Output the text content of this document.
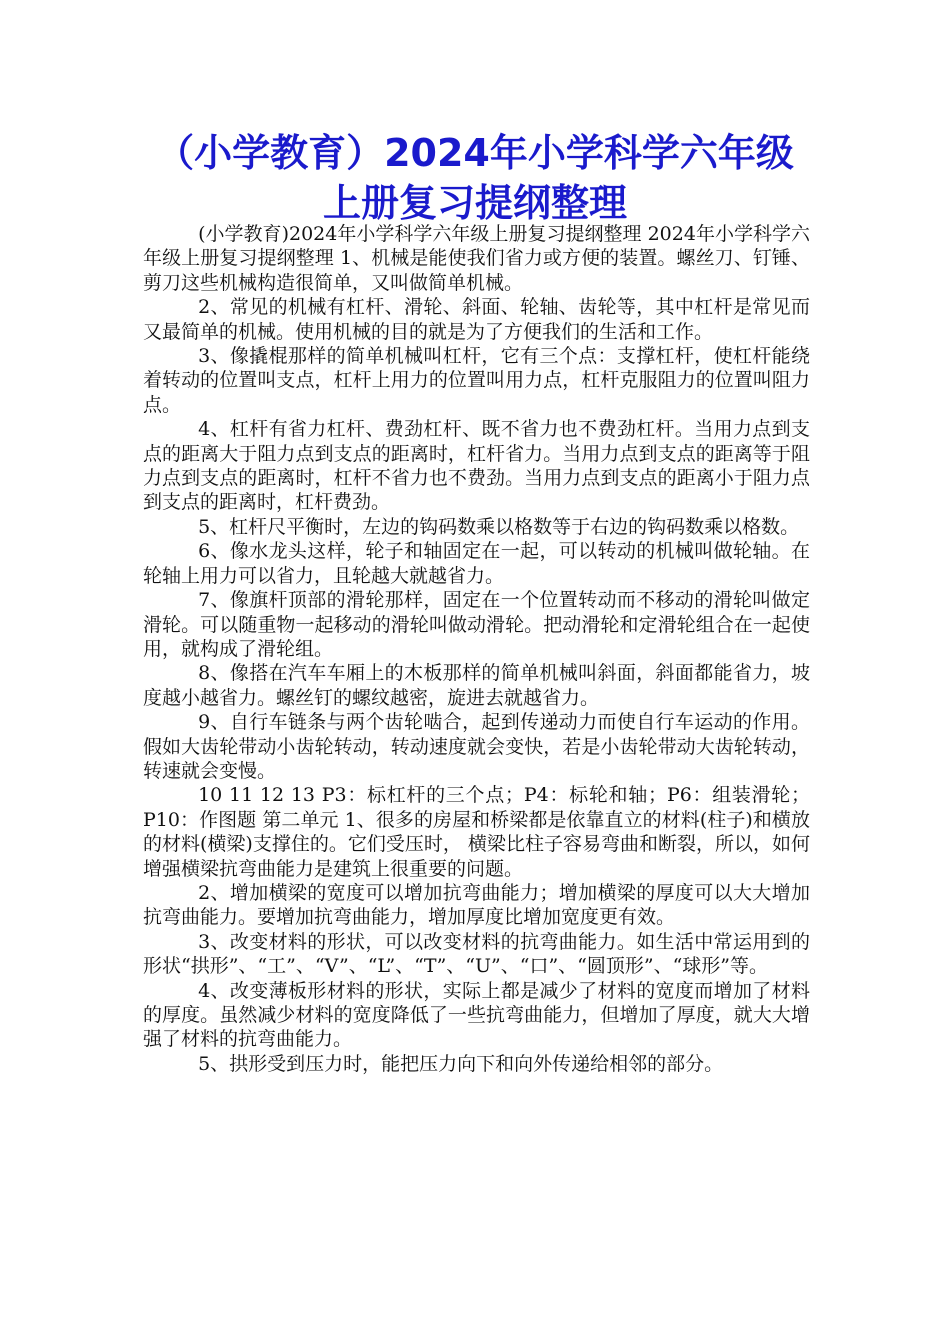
（小学教育）2024年小学科学六年级上册复习提纲整理

(小学教育)2024年小学科学六年级上册复习提纲整理 2024年小学科学六年级上册复习提纲整理 1、机械是能使我们省力或方便的装置。螺丝刀、钉锤、剪刀这些机械构造很简单，又叫做简单机械。

2、常见的机械有杠杆、滑轮、斜面、轮轴、齿轮等，其中杠杆是常见而又最简单的机械。使用机械的目的就是为了方便我们的生活和工作。

3、像撬棍那样的简单机械叫杠杆，它有三个点：支撑杠杆，使杠杆能绕着转动的位置叫支点，杠杆上用力的位置叫用力点，杠杆克服阻力的位置叫阻力点。

4、杠杆有省力杠杆、费劲杠杆、既不省力也不费劲杠杆。当用力点到支点的距离大于阻力点到支点的距离时，杠杆省力。当用力点到支点的距离等于阻力点到支点的距离时，杠杆不省力也不费劲。当用力点到支点的距离小于阻力点到支点的距离时，杠杆费劲。

5、杠杆尺平衡时，左边的钩码数乘以格数等于右边的钩码数乘以格数。

6、像水龙头这样，轮子和轴固定在一起，可以转动的机械叫做轮轴。在轮轴上用力可以省力，且轮越大就越省力。

7、像旗杆顶部的滑轮那样，固定在一个位置转动而不移动的滑轮叫做定滑轮。可以随重物一起移动的滑轮叫做动滑轮。把动滑轮和定滑轮组合在一起使用，就构成了滑轮组。

8、像搭在汽车车厢上的木板那样的简单机械叫斜面，斜面都能省力，坡度越小越省力。螺丝钉的螺纹越密，旋进去就越省力。

9、自行车链条与两个齿轮啮合，起到传递动力而使自行车运动的作用。假如大齿轮带动小齿轮转动，转动速度就会变快，若是小齿轮带动大齿轮转动，转速就会变慢。

10 11 12 13 P3：标杠杆的三个点；P4：标轮和轴；P6：组装滑轮；P10：作图题 第二单元 1、很多的房屋和桥梁都是依靠直立的材料(柱子)和横放的材料(横梁)支撑住的。它们受压时， 横梁比柱子容易弯曲和断裂，所以，如何增强横梁抗弯曲能力是建筑上很重要的问题。

2、增加横梁的宽度可以增加抗弯曲能力；增加横梁的厚度可以大大增加抗弯曲能力。要增加抗弯曲能力，增加厚度比增加宽度更有效。

3、改变材料的形状，可以改变材料的抗弯曲能力。如生活中常运用到的形状“拱形”、“工”、“V”、“L”、“T”、“U”、“口”、“圆顶形”、“球形”等。

4、改变薄板形材料的形状，实际上都是减少了材料的宽度而增加了材料的厚度。虽然减少材料的宽度降低了一些抗弯曲能力，但增加了厚度，就大大增强了材料的抗弯曲能力。

5、拱形受到压力时，能把压力向下和向外传递给相邻的部分。
